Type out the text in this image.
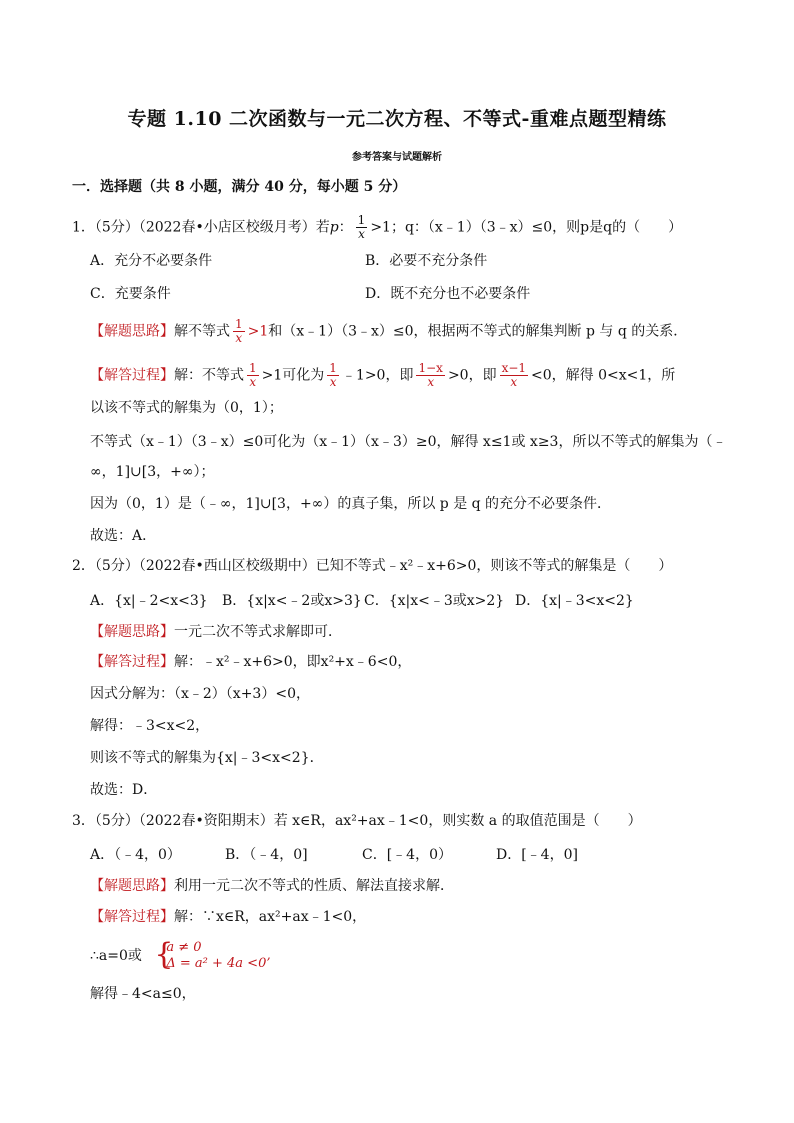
专题 1.10 二次函数与一元二次方程、不等式-重难点题型精练
参考答案与试题解析
一．选择题（共 8 小题，满分 40 分，每小题 5 分）
1．（5分）（2022春•小店区校级月考）若p： $\frac{1}{x} >1$；q：（x﹣1）（3﹣x）≤0，则p是q的（　　）
A．充分不必要条件	B．必要不充分条件
C．充要条件	D．既不充分也不必要条件
【解题思路】解不等式 $\frac{1}{x} >1$和（x﹣1）（3﹣x）≤0，根据两不等式的解集判断 p 与 q 的关系．
【解答过程】解：不等式 $\frac{1}{x} >1$可化为 $\frac{1}{x}$ ﹣1>0，即 $\frac{1-x}{x} >0$，即 $\frac{x-1}{x} <0$，解得 0<x<1，所
以该不等式的解集为（0，1）；
不等式（x﹣1）（3﹣x）≤0可化为（x﹣1）（x﹣3）≥0，解得 x≤1或 x≥3，所以不等式的解集为（﹣
∞，1]∪[3，+∞）；
因为（0，1）是（﹣∞，1]∪[3，+∞）的真子集，所以 p 是 q 的充分不必要条件．
故选：A．
2．（5分）（2022春•西山区校级期中）已知不等式﹣x²﹣x+6>0，则该不等式的解集是（　　）
A．{x|﹣2<x<3} B．{x|x<﹣2或x>3} C．{x|x<﹣3或x>2} D．{x|﹣3<x<2}
【解题思路】一元二次不等式求解即可．
【解答过程】解：﹣x²﹣x+6>0，即x²+x﹣6<0，
因式分解为：（x﹣2）（x+3）<0，
解得：﹣3<x<2，
则该不等式的解集为{x|﹣3<x<2}．
故选：D．
3．（5分）（2022春•资阳期末）若 x∈R，ax²+ax﹣1<0，则实数 a 的取值范围是（　　）
A．（﹣4，0）	B．（﹣4，0]	C．[﹣4，0）	D．[﹣4，0]
【解题思路】利用一元二次不等式的性质、解法直接求解．
【解答过程】解：∵x∈R，ax²+ax﹣1<0，
∴a=0或 { a ≠ 0
Δ = a² + 4a <0’
解得﹣4<a≤0，
